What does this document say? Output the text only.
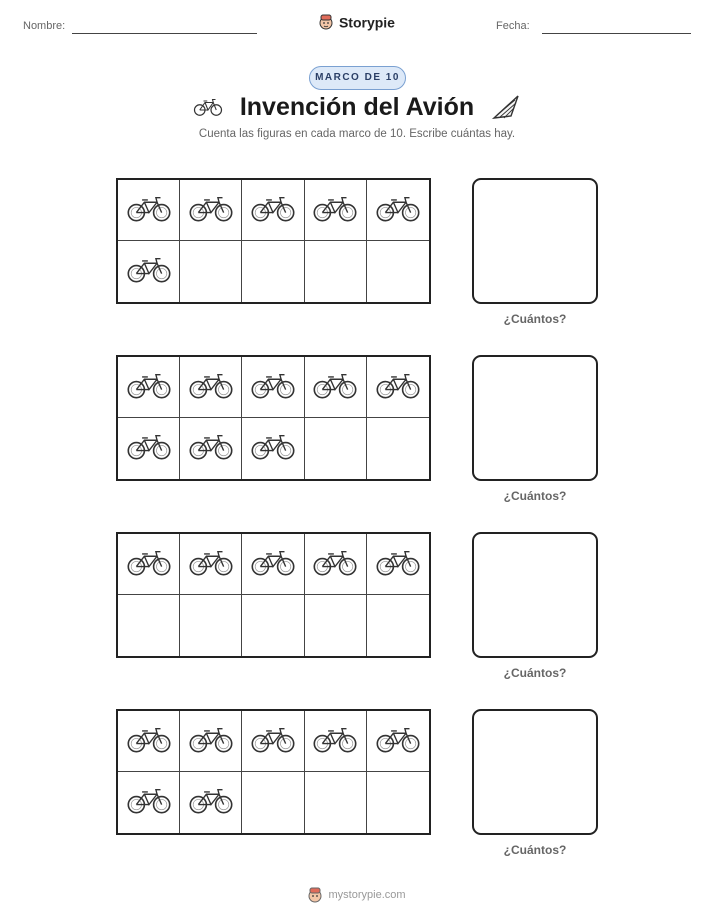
Nombre:	Storypie	Fecha:
MARCO DE 10
Invención del Avión
Cuenta las figuras en cada marco de 10. Escribe cuántas hay.
¿Cuántos?
¿Cuántos?
¿Cuántos?
¿Cuántos?
mystorypie.com
